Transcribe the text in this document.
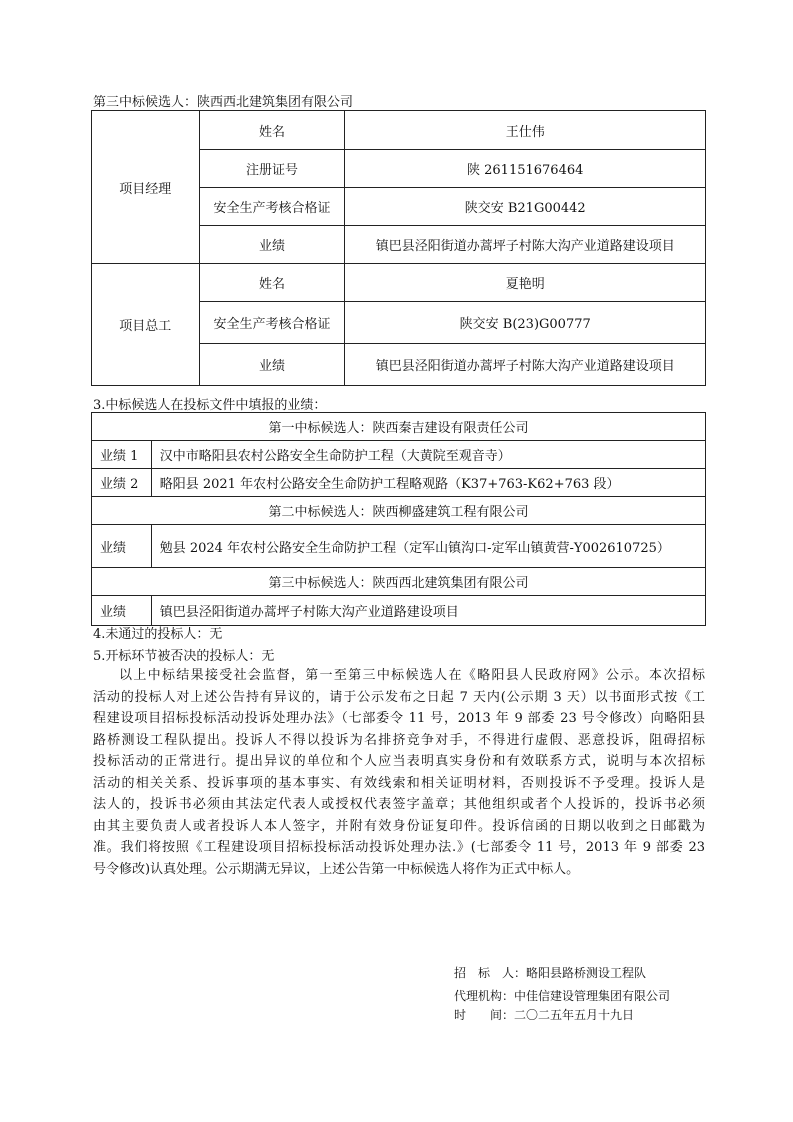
第三中标候选人：陕西西北建筑集团有限公司
项目经理	姓名	王仕伟
	注册证号	陕 261151676464
	安全生产考核合格证	陕交安 B21G00442
	业绩	镇巴县泾阳街道办蒿坪子村陈大沟产业道路建设项目
项目总工	姓名	夏艳明
	安全生产考核合格证	陕交安 B(23)G00777
	业绩	镇巴县泾阳街道办蒿坪子村陈大沟产业道路建设项目
3.中标候选人在投标文件中填报的业绩：
第一中标候选人：陕西秦吉建设有限责任公司	
业绩 1	汉中市略阳县农村公路安全生命防护工程（大黄院至观音寺）
业绩 2	略阳县 2021 年农村公路安全生命防护工程略观路（K37+763-K62+763 段）
第二中标候选人：陕西柳盛建筑工程有限公司	
业绩	勉县 2024 年农村公路安全生命防护工程（定军山镇沟口-定军山镇黄营-Y002610725）
第三中标候选人：陕西西北建筑集团有限公司	
业绩	镇巴县泾阳街道办蒿坪子村陈大沟产业道路建设项目
4.未通过的投标人：无
5.开标环节被否决的投标人：无
以上中标结果接受社会监督，第一至第三中标候选人在《略阳县人民政府网》公示。本次招标
活动的投标人对上述公告持有异议的，请于公示发布之日起 7 天内(公示期 3 天）以书面形式按《工
程建设项目招标投标活动投诉处理办法》（七部委令 11 号，2013 年 9 部委 23 号令修改）向略阳县
路桥测设工程队提出。投诉人不得以投诉为名排挤竞争对手，不得进行虚假、恶意投诉，阻碍招标
投标活动的正常进行。提出异议的单位和个人应当表明真实身份和有效联系方式，说明与本次招标
活动的相关关系、投诉事项的基本事实、有效线索和相关证明材料，否则投诉不予受理。投诉人是
法人的，投诉书必须由其法定代表人或授权代表签字盖章；其他组织或者个人投诉的，投诉书必须
由其主要负责人或者投诉人本人签字，并附有效身份证复印件。投诉信函的日期以收到之日邮戳为
准。我们将按照《工程建设项目招标投标活动投诉处理办法.》(七部委令 11 号，2013 年 9 部委 23
号令修改)认真处理。公示期满无异议，上述公告第一中标候选人将作为正式中标人。
招　标　人：略阳县路桥测设工程队
代理机构：中佳信建设管理集团有限公司
时　　间：二〇二五年五月十九日
